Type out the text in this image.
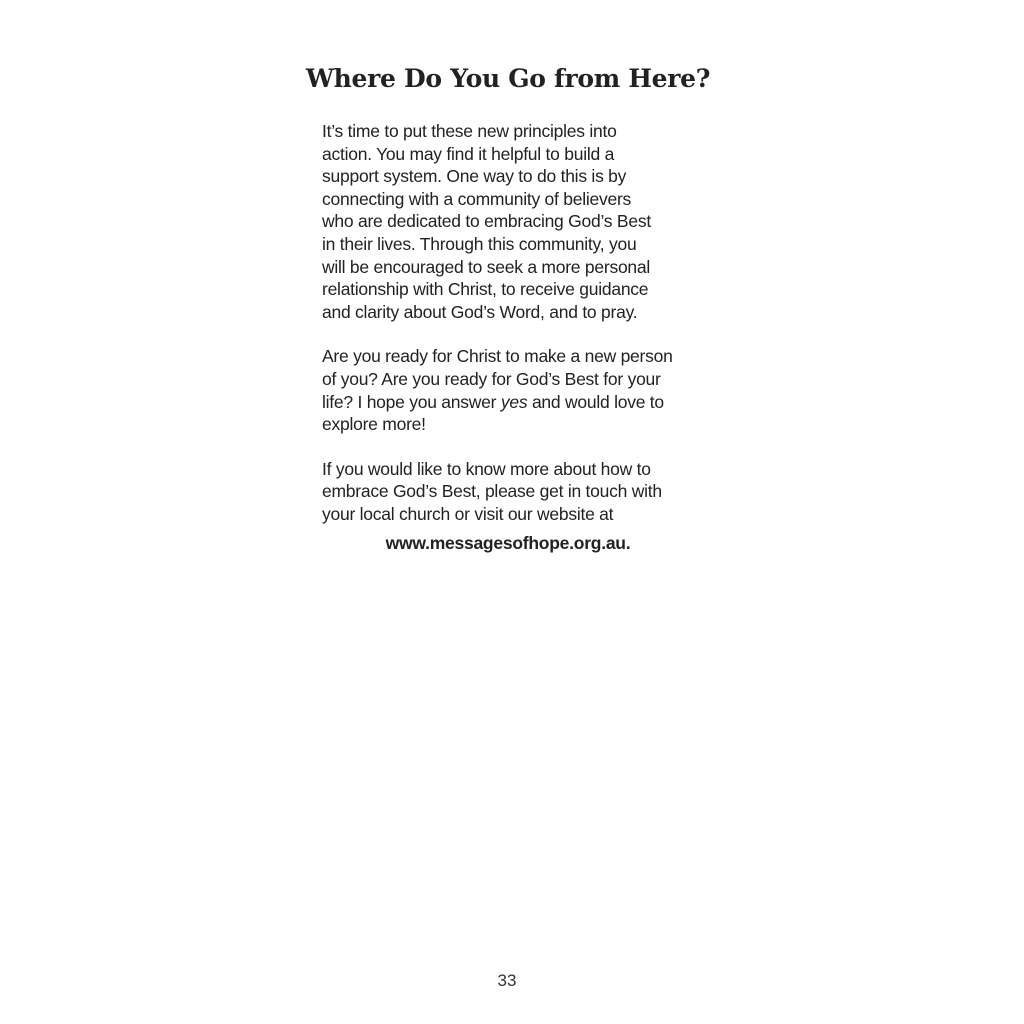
Where Do You Go from Here?

It’s time to put these new principles into
action. You may find it helpful to build a
support system. One way to do this is by
connecting with a community of believers
who are dedicated to embracing God’s Best
in their lives. Through this community, you
will be encouraged to seek a more personal
relationship with Christ, to receive guidance
and clarity about God’s Word, and to pray.

Are you ready for Christ to make a new person
of you? Are you ready for God’s Best for your
life? I hope you answer yes and would love to
explore more!

If you would like to know more about how to
embrace God’s Best, please get in touch with
your local church or visit our website at

www.messagesofhope.org.au.
33
